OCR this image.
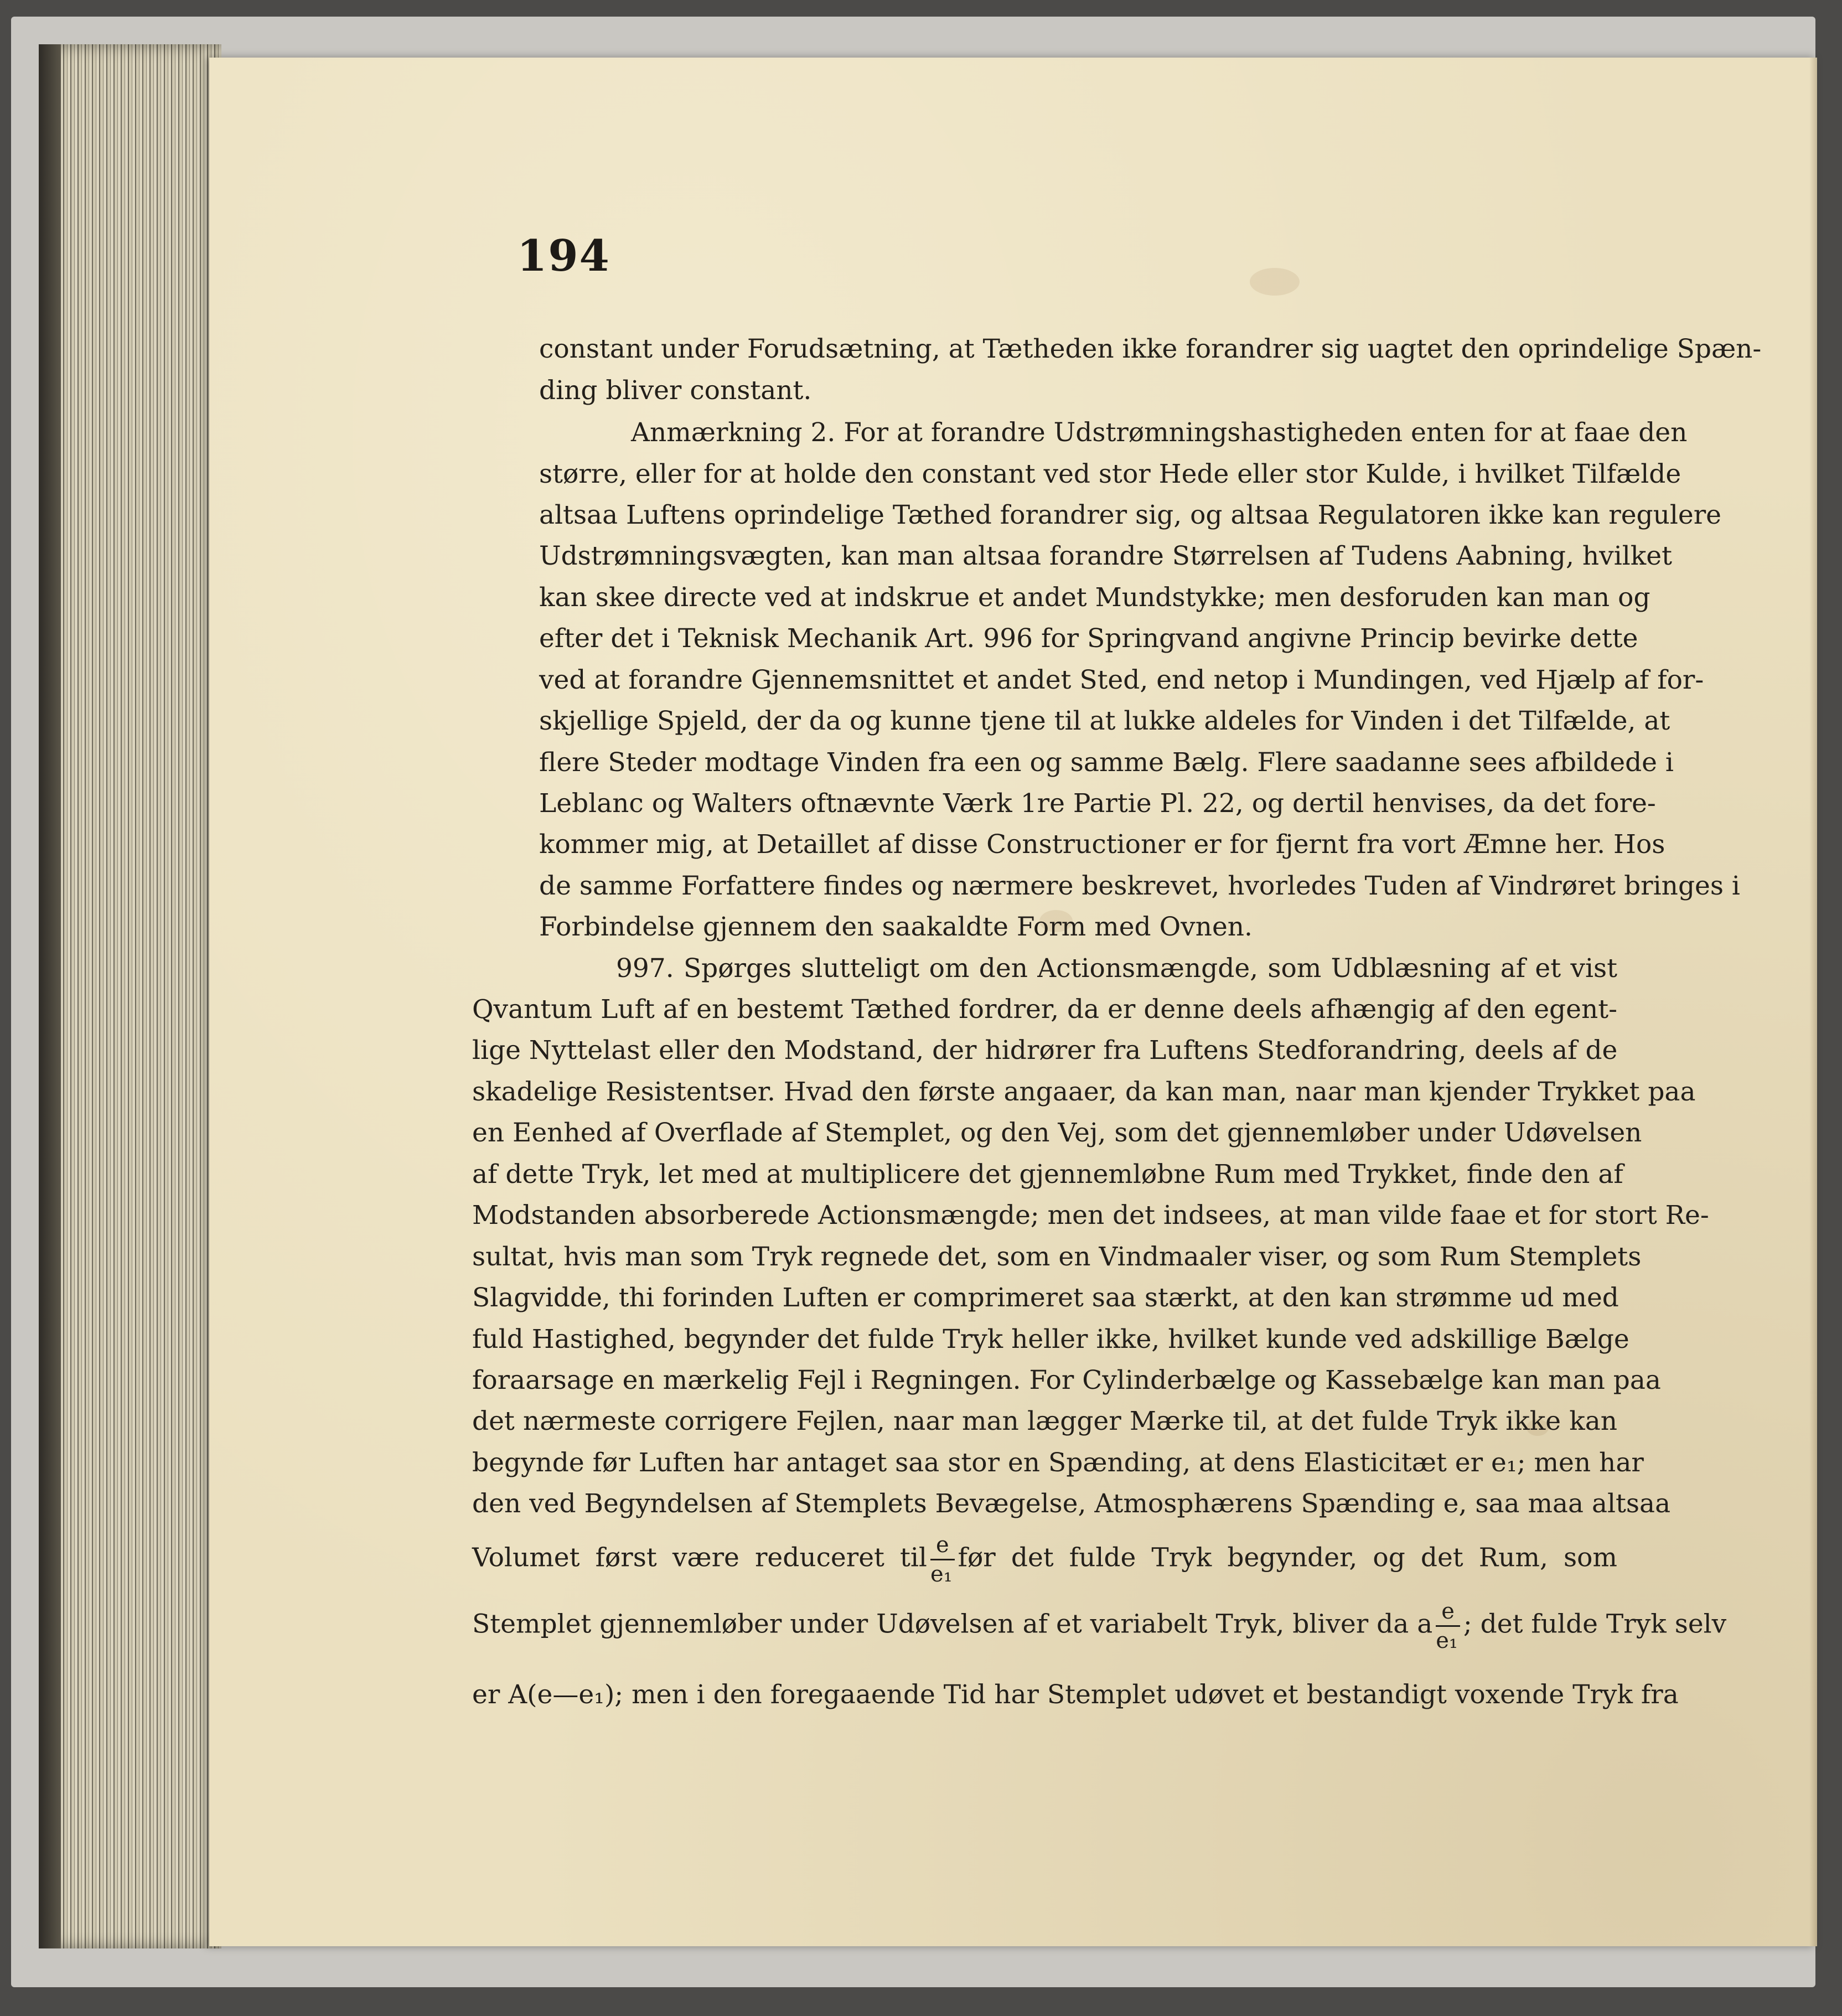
194
constant under Forudsætning, at Tætheden ikke forandrer sig uagtet den oprindelige Spæn-
ding bliver constant.
Anmærkning 2. For at forandre Udstrømningshastigheden enten for at faae den
større, eller for at holde den constant ved stor Hede eller stor Kulde, i hvilket Tilfælde
altsaa Luftens oprindelige Tæthed forandrer sig, og altsaa Regulatoren ikke kan regulere
Udstrømningsvægten, kan man altsaa forandre Størrelsen af Tudens Aabning, hvilket
kan skee directe ved at indskrue et andet Mundstykke; men desforuden kan man og
efter det i Teknisk Mechanik Art. 996 for Springvand angivne Princip bevirke dette
ved at forandre Gjennemsnittet et andet Sted, end netop i Mundingen, ved Hjælp af for-
skjellige Spjeld, der da og kunne tjene til at lukke aldeles for Vinden i det Tilfælde, at
flere Steder modtage Vinden fra een og samme Bælg. Flere saadanne sees afbildede i
Leblanc og Walters oftnævnte Værk 1re Partie Pl. 22, og dertil henvises, da det fore-
kommer mig, at Detaillet af disse Constructioner er for fjernt fra vort Æmne her. Hos
de samme Forfattere findes og nærmere beskrevet, hvorledes Tuden af Vindrøret bringes i
Forbindelse gjennem den saakaldte Form med Ovnen.
997. Spørges slutteligt om den Actionsmængde, som Udblæsning af et vist
Qvantum Luft af en bestemt Tæthed fordrer, da er denne deels afhængig af den egent-
lige Nyttelast eller den Modstand, der hidrører fra Luftens Stedforandring, deels af de
skadelige Resistentser. Hvad den første angaaer, da kan man, naar man kjender Trykket paa
en Eenhed af Overflade af Stemplet, og den Vej, som det gjennemløber under Udøvelsen
af dette Tryk, let med at multiplicere det gjennemløbne Rum med Trykket, finde den af
Modstanden absorberede Actionsmængde; men det indsees, at man vilde faae et for stort Re-
sultat, hvis man som Tryk regnede det, som en Vindmaaler viser, og som Rum Stemplets
Slagvidde, thi forinden Luften er comprimeret saa stærkt, at den kan strømme ud med
fuld Hastighed, begynder det fulde Tryk heller ikke, hvilket kunde ved adskillige Bælge
foraarsage en mærkelig Fejl i Regningen. For Cylinderbælge og Kassebælge kan man paa
det nærmeste corrigere Fejlen, naar man lægger Mærke til, at det fulde Tryk ikke kan
begynde før Luften har antaget saa stor en Spænding, at dens Elasticitæt er e₁; men har
den ved Begyndelsen af Stemplets Bevægelse, Atmosphærens Spænding e, saa maa altsaa
Volumet først være reduceret til $\frac{e}{\text{e₁}}$ før det fulde Tryk begynder, og det Rum, som
Stemplet gjennemløber under Udøvelsen af et variabelt Tryk, bliver da a $\frac{e}{\text{e₁}}$ ; det fulde Tryk selv
er A(e—e₁); men i den foregaaende Tid har Stemplet udøvet et bestandigt voxende Tryk fra
